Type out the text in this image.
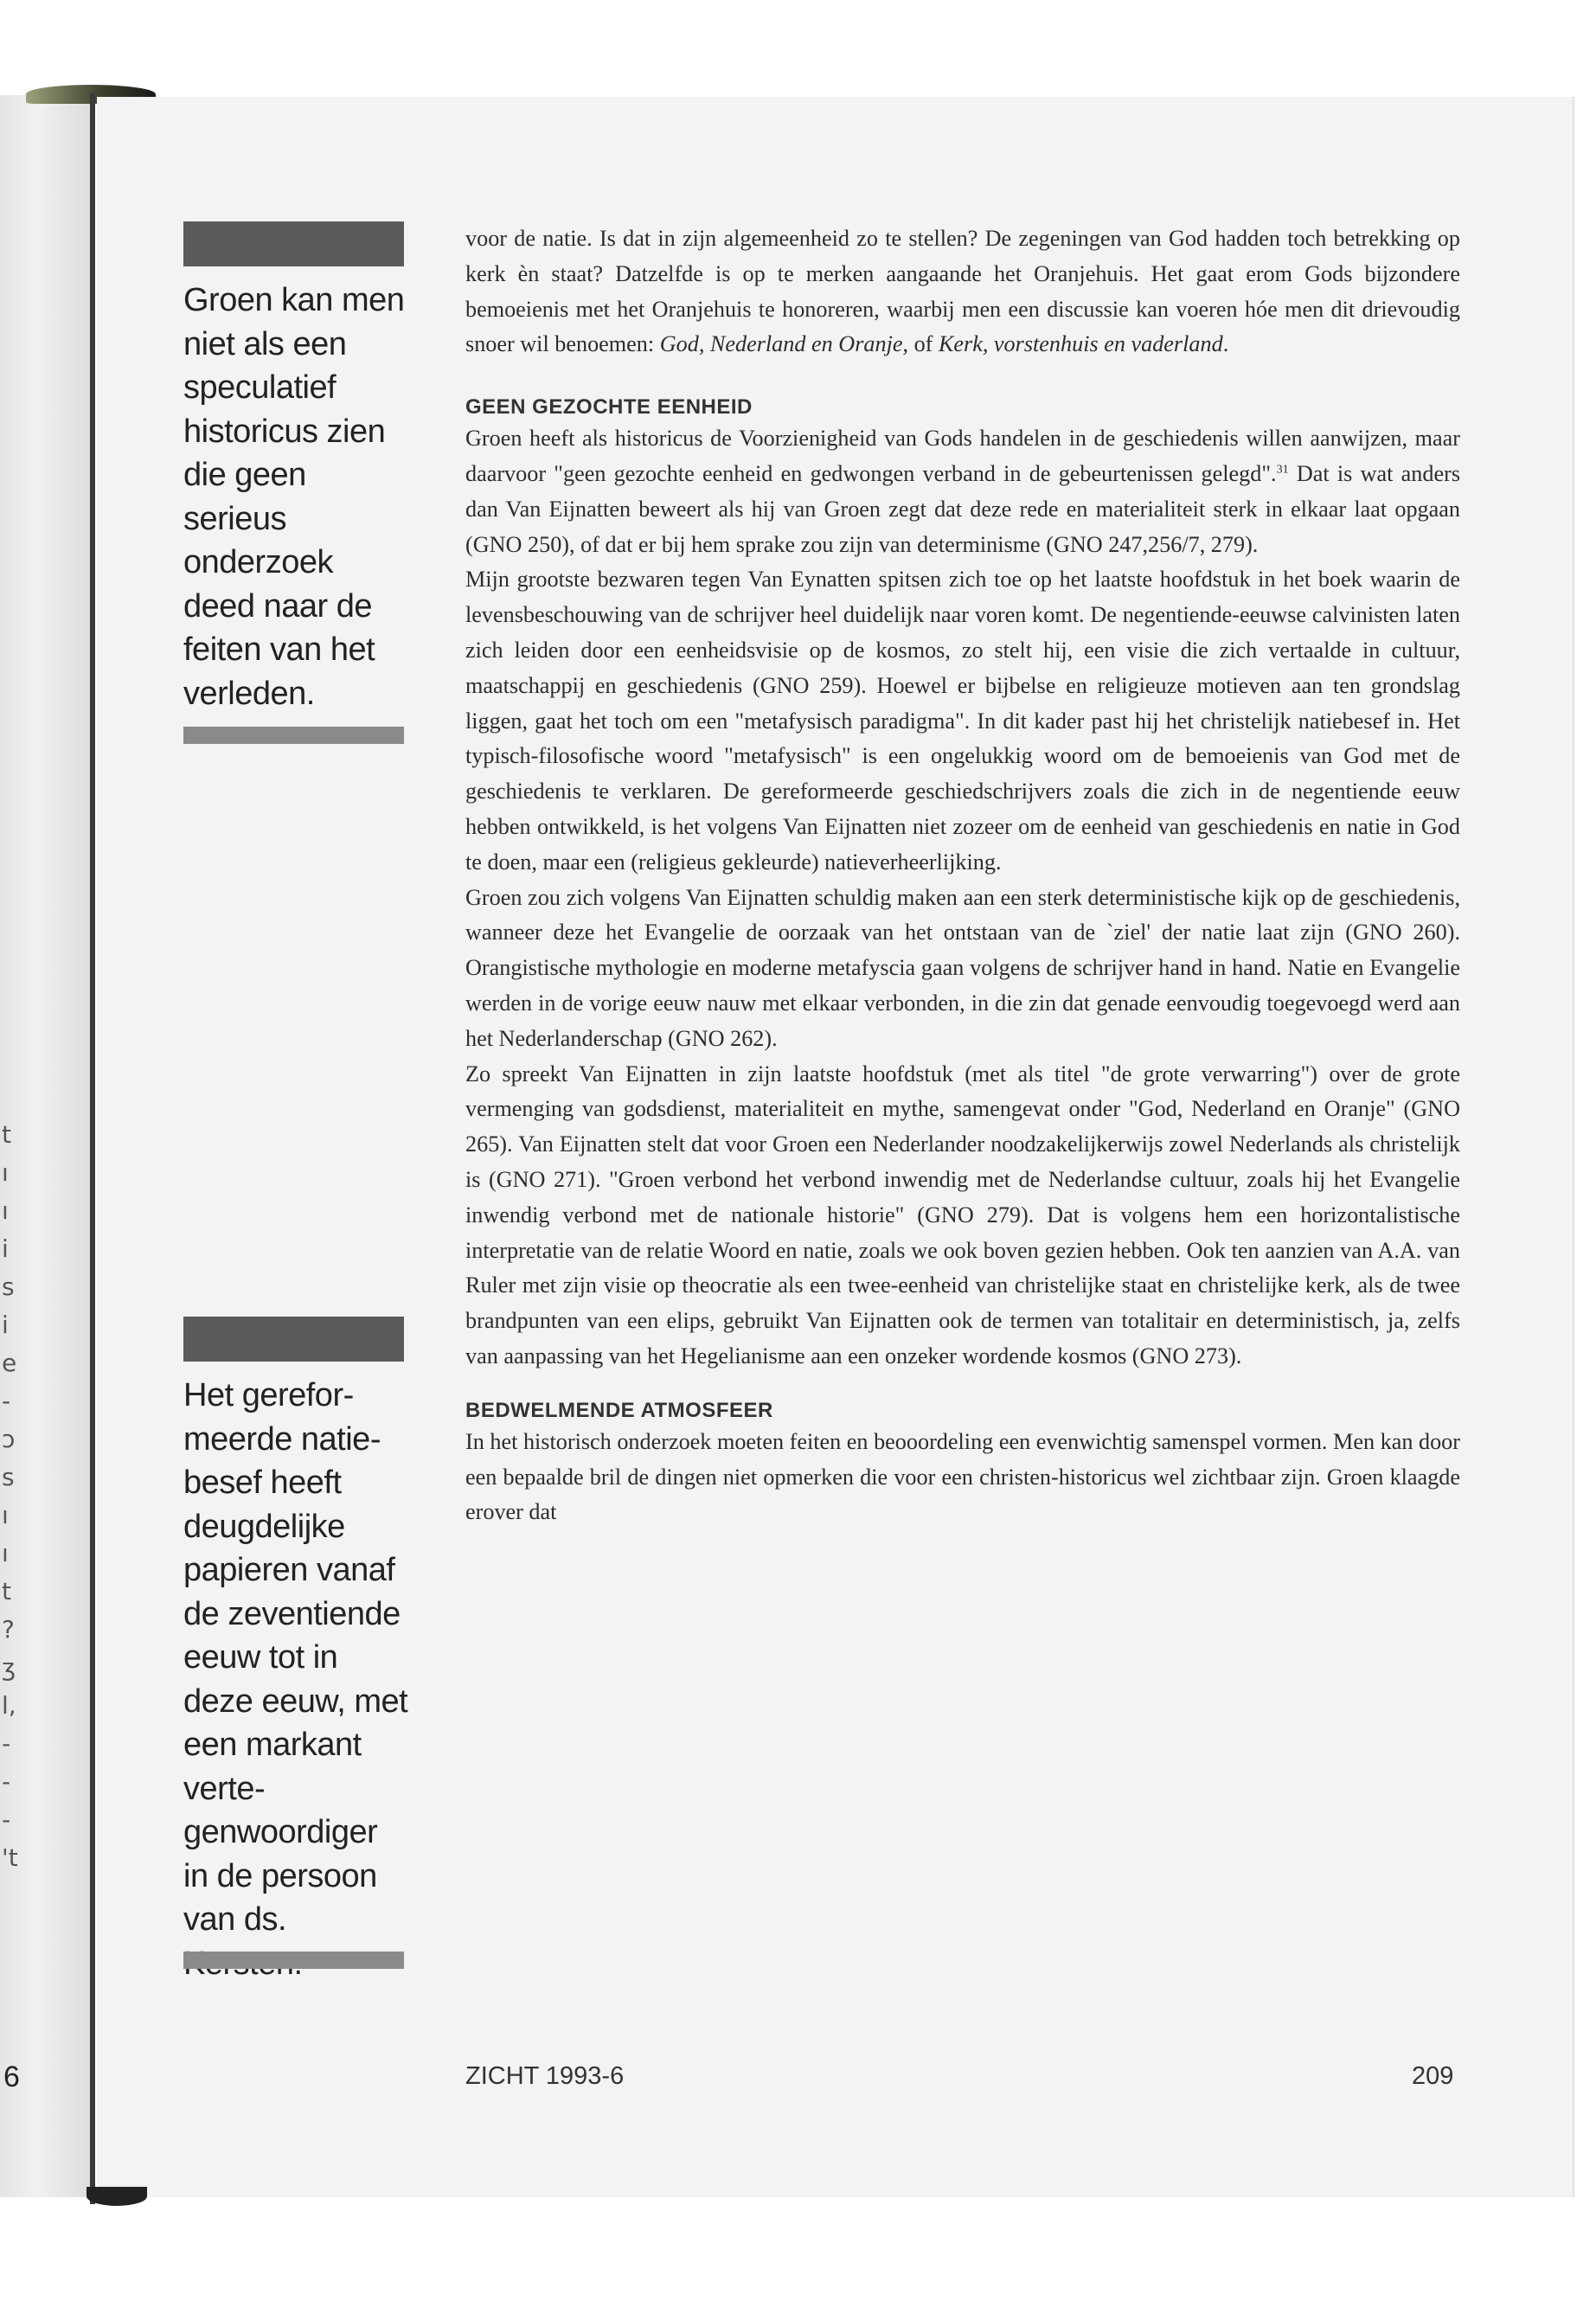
t
ı
ı
i
s
i
e
-
ɔ
s
ı
ı
t
?
ʒ
l,
-
-
-
't
6
Groen kan men niet als een speculatief historicus zien die geen serieus onderzoek deed naar de feiten van het verleden.
Het gereformeerde natiebesef heeft deugdelijke papieren vanaf de zeventiende eeuw tot in deze eeuw, met een markant vertegenwoordiger in de persoon van ds.

voor de natie. Is dat in zijn algemeenheid zo te stellen? De zegeningen van God hadden toch betrekking op kerk èn staat? Datzelfde is op te merken aangaande het Oranjehuis. Het gaat erom Gods bijzondere bemoeienis met het Oranjehuis te honoreren, waarbij men een discussie kan voeren hóe men dit drievoudig snoer wil benoemen: God, Nederland en Oranje, of Kerk, vorstenhuis en vaderland.

GEEN GEZOCHTE EENHEID

Groen heeft als historicus de Voorzienigheid van Gods handelen in de geschiedenis willen aanwijzen, maar daarvoor "geen gezochte eenheid en gedwongen verband in de gebeurtenissen gelegd".$^{31}$ Dat is wat anders dan Van Eijnatten beweert als hij van Groen zegt dat deze rede en materialiteit sterk in elkaar laat opgaan (GNO 250), of dat er bij hem sprake zou zijn van determinisme (GNO 247,256/7, 279).

Mijn grootste bezwaren tegen Van Eynatten spitsen zich toe op het laatste hoofdstuk in het boek waarin de levensbeschouwing van de schrijver heel duidelijk naar voren komt. De negentiende-eeuwse calvinisten laten zich leiden door een eenheidsvisie op de kosmos, zo stelt hij, een visie die zich vertaalde in cultuur, maatschappij en geschiedenis (GNO 259). Hoewel er bijbelse en religieuze motieven aan ten grondslag liggen, gaat het toch om een "metafysisch paradigma". In dit kader past hij het christelijk natiebesef in. Het typisch-filosofische woord "metafysisch" is een ongelukkig woord om de bemoeienis van God met de geschiedenis te verklaren. De gereformeerde geschiedschrijvers zoals die zich in de negentiende eeuw hebben ontwikkeld, is het volgens Van Eijnatten niet zozeer om de eenheid van geschiedenis en natie in God te doen, maar een (religieus gekleurde) natieverheerlijking.

Groen zou zich volgens Van Eijnatten schuldig maken aan een sterk deterministische kijk op de geschiedenis, wanneer deze het Evangelie de oorzaak van het ontstaan van de `ziel' der natie laat zijn (GNO 260). Orangistische mythologie en moderne metafyscia gaan volgens de schrijver hand in hand. Natie en Evangelie werden in de vorige eeuw nauw met elkaar verbonden, in die zin dat genade eenvoudig toegevoegd werd aan het Nederlanderschap (GNO 262).

Zo spreekt Van Eijnatten in zijn laatste hoofdstuk (met als titel "de grote verwarring") over de grote vermenging van godsdienst, materialiteit en mythe, samengevat onder "God, Nederland en Oranje" (GNO 265). Van Eijnatten stelt dat voor Groen een Nederlander noodzakelijkerwijs zowel Nederlands als christelijk is (GNO 271). "Groen verbond het verbond inwendig met de Nederlandse cultuur, zoals hij het Evangelie inwendig verbond met de nationale historie" (GNO 279). Dat is volgens hem een horizontalistische interpretatie van de relatie Woord en natie, zoals we ook boven gezien hebben. Ook ten aanzien van A.A. van Ruler met zijn visie op theocratie als een twee-eenheid van christelijke staat en christelijke kerk, als de twee brandpunten van een elips, gebruikt Van Eijnatten ook de termen van totalitair en deterministisch, ja, zelfs van aanpassing van het Hegelianisme aan een onzeker wordende kosmos (GNO 273).

BEDWELMENDE ATMOSFEER

In het historisch onderzoek moeten feiten en beooordeling een evenwichtig samenspel vormen. Men kan door een bepaalde bril de dingen niet opmerken die voor een christen-historicus wel zichtbaar zijn. Groen klaagde erover dat

ZICHT 1993-6	209
